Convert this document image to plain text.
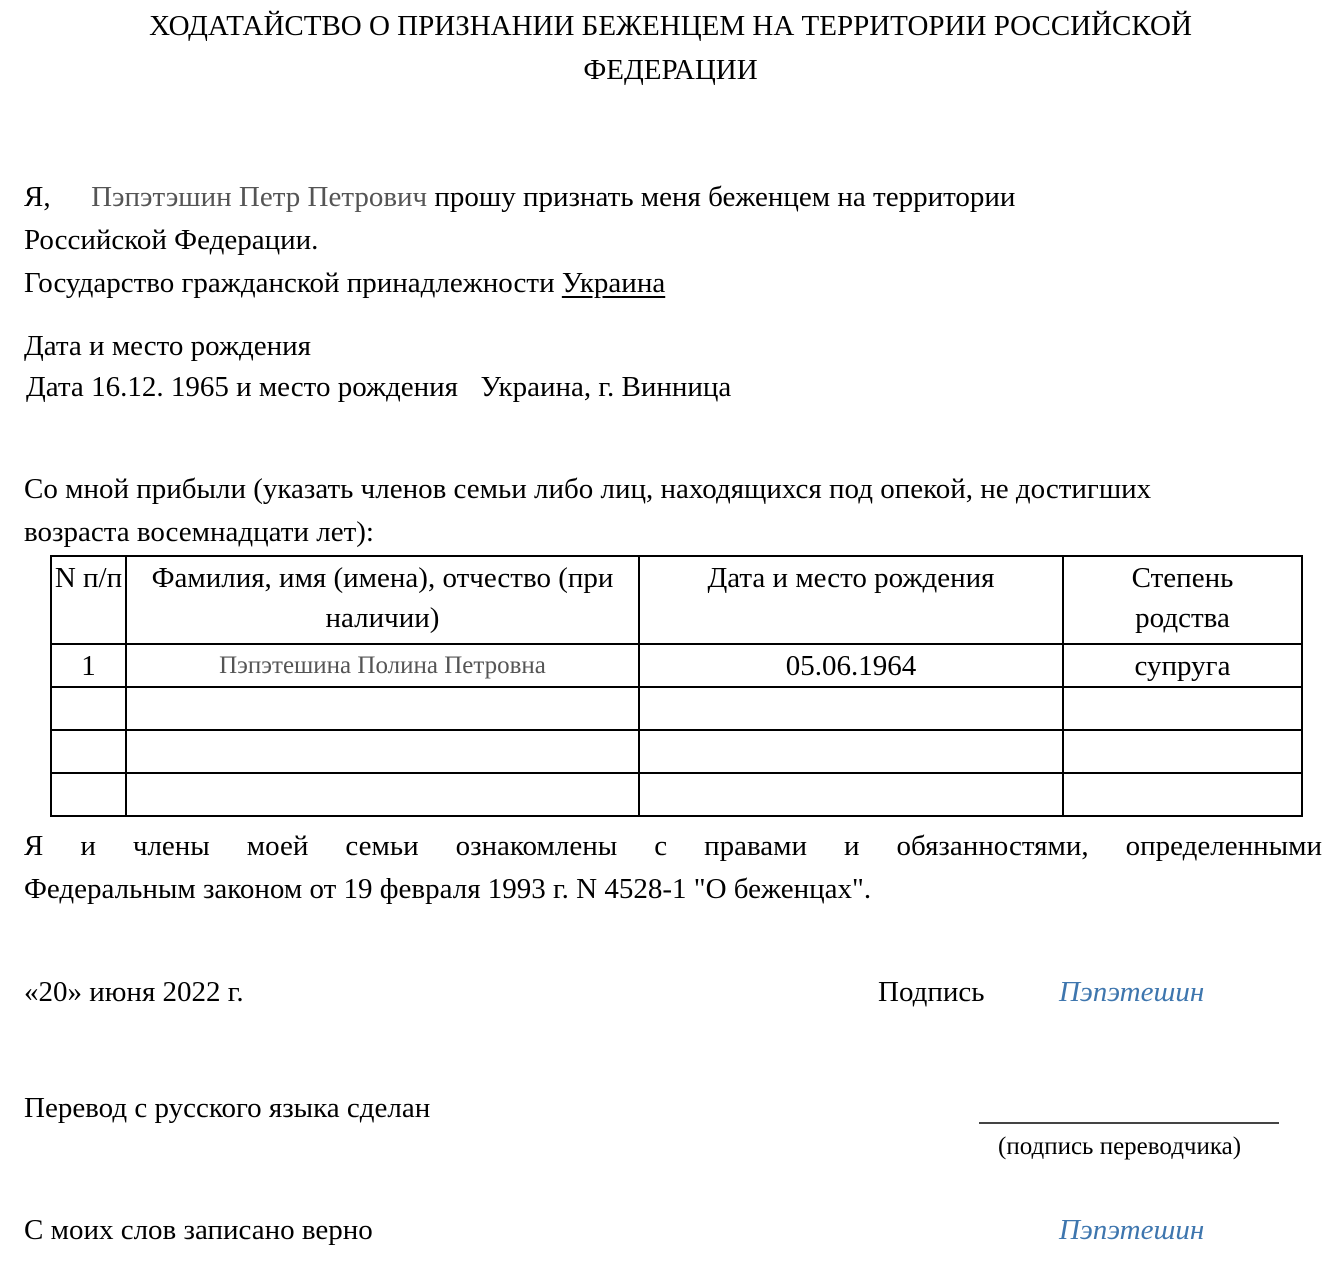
ХОДАТАЙСТВО О ПРИЗНАНИИ БЕЖЕНЦЕМ НА ТЕРРИТОРИИ РОССИЙСКОЙ
ФЕДЕРАЦИИ
Я, Пэпэтэшин Петр Петрович прошу признать меня беженцем на территории
Российской Федерации.
Государство гражданской принадлежности Украина
Дата и место рождения
Дата 16.12. 1965 и место рождения Украина, г. Винница
Со мной прибыли (указать членов семьи либо лиц, находящихся под опекой, не достигших
возраста восемнадцати лет):
N п/п	Фамилия, имя (имена), отчество (при наличии)	Дата и место рождения	Степень родства
1	Пэпэтешина Полина Петровна	05.06.1964	супруга

Я и члены моей семьи ознакомлены с правами и обязанностями, определенными
Федеральным законом от 19 февраля 1993 г. N 4528-1 "О беженцах".
«20» июня 2022 г.	Подпись	Пэпэтешин
Перевод с русского языка сделан
(подпись переводчика)
С моих слов записано верно	Пэпэтешин
